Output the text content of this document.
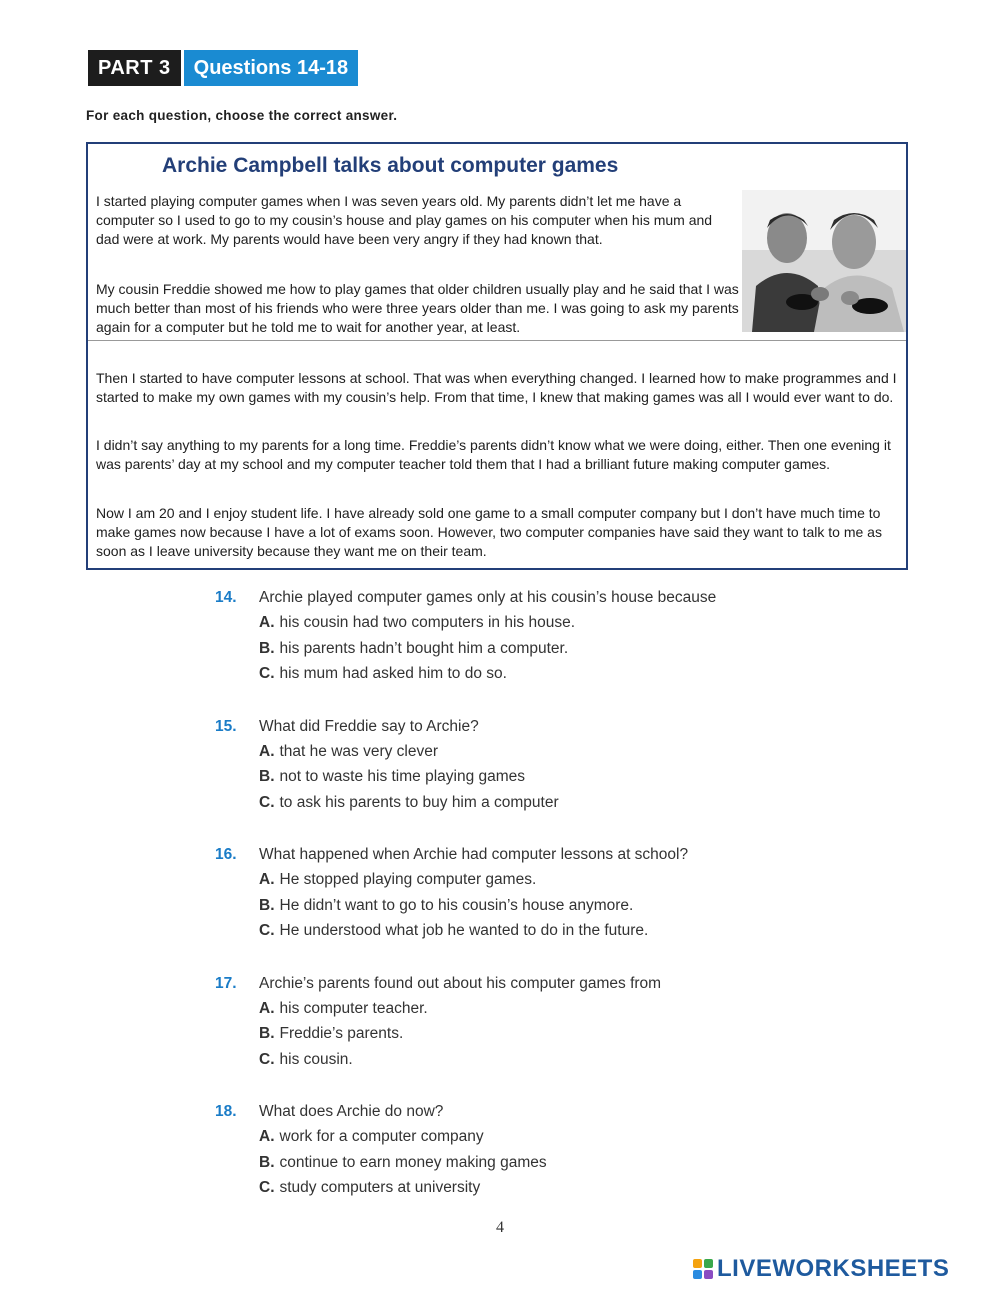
PART 3	Questions 14-18
For each question, choose the correct answer.
Archie Campbell talks about computer games

I started playing computer games when I was seven years old. My parents didn’t let me have a computer so I used to go to my cousin’s house and play games on his computer when his mum and dad were at work. My parents would have been very angry if they had known that.

My cousin Freddie showed me how to play games that older children usually play and he said that I was much better than most of his friends who were three years older than me. I was going to ask my parents again for a computer but he told me to wait for another year, at least.

Then I started to have computer lessons at school. That was when everything changed. I learned how to make programmes and I started to make my own games with my cousin’s help. From that time, I knew that making games was all I would ever want to do.

I didn’t say anything to my parents for a long time. Freddie’s parents didn’t know what we were doing, either. Then one evening it was parents’ day at my school and my computer teacher told them that I had a brilliant future making computer games.

Now I am 20 and I enjoy student life. I have already sold one game to a small computer company but I don’t have much time to make games now because I have a lot of exams soon. However, two computer companies have said they want to talk to me as soon as I leave university because they want me on their team.

14.	Archie played computer games only at his cousin’s house because
A. his cousin had two computers in his house.
B. his parents hadn’t bought him a computer.
C. his mum had asked him to do so.
15.	What did Freddie say to Archie?
A. that he was very clever
B. not to waste his time playing games
C. to ask his parents to buy him a computer
16.	What happened when Archie had computer lessons at school?
A. He stopped playing computer games.
B. He didn’t want to go to his cousin’s house anymore.
C. He understood what job he wanted to do in the future.
17.	Archie’s parents found out about his computer games from
A. his computer teacher.
B. Freddie’s parents.
C. his cousin.
18.	What does Archie do now?
A. work for a computer company
B. continue to earn money making games
C. study computers at university
4
LIVEWORKSHEETS
